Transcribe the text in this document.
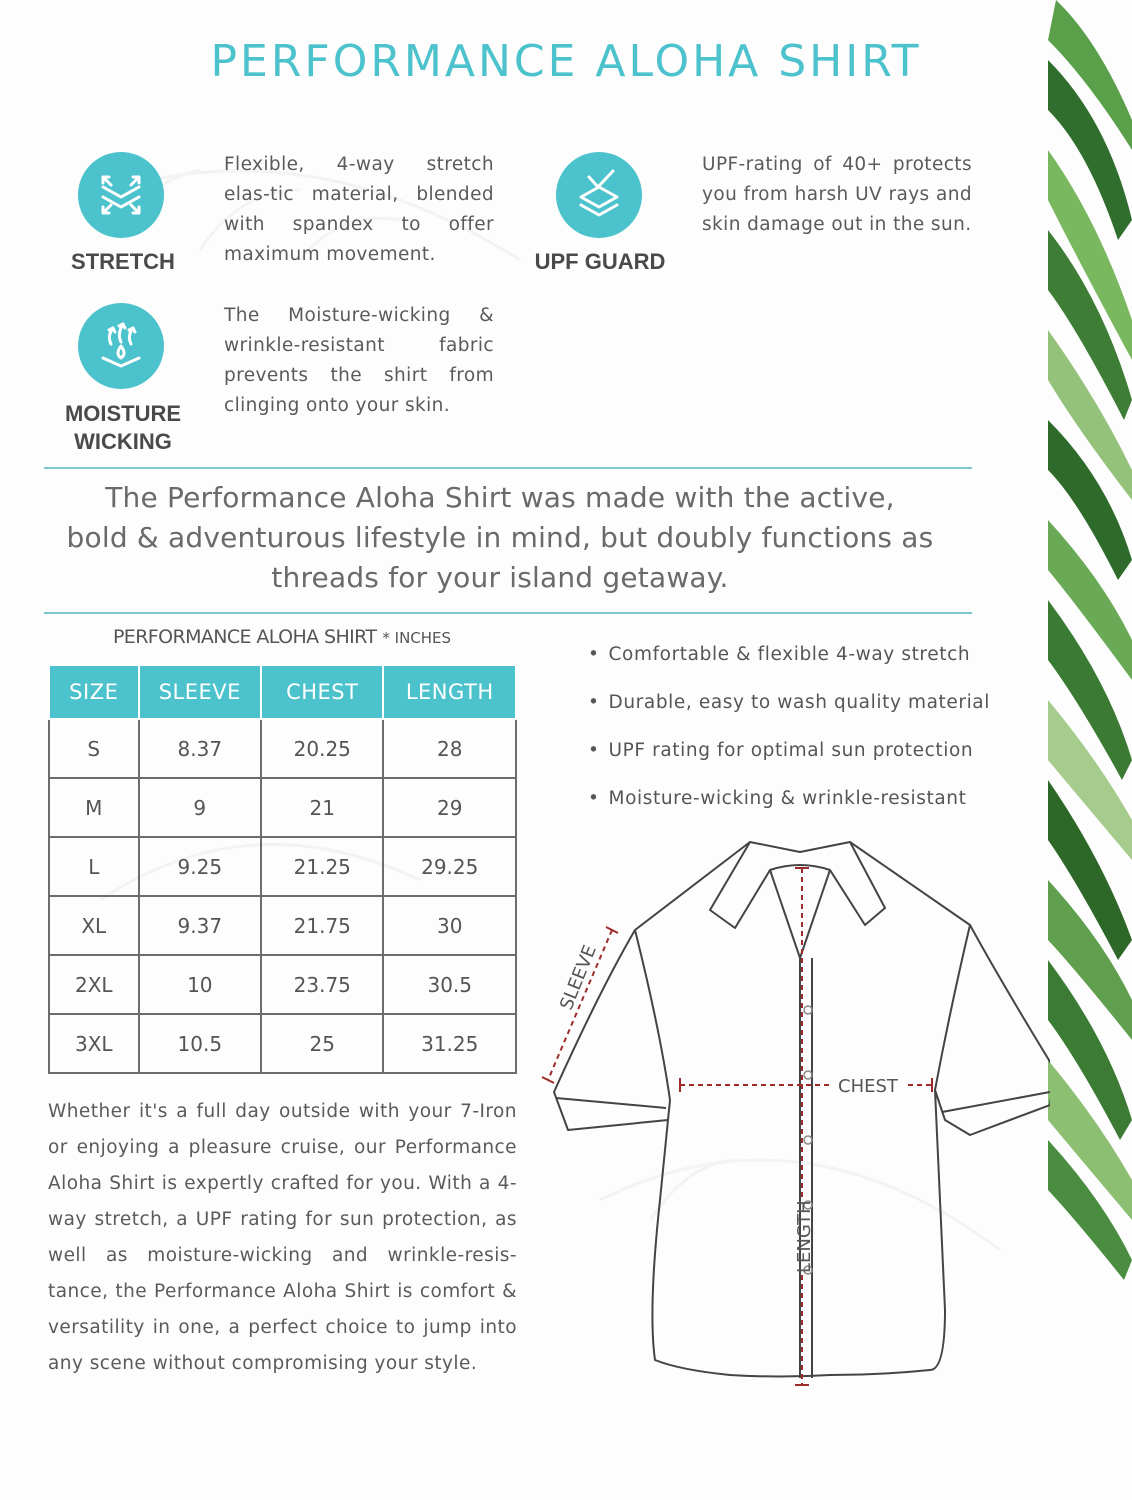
PERFORMANCE ALOHA SHIRT
STRETCH

Flexible, 4-way stretch elas-tic material, blended with spandex to offer maximum movement.	UPF GUARD

UPF-rating of 40+ protects you from harsh UV rays and skin damage out in the sun.

MOISTURE
WICKING

The Moisture-wicking & wrinkle-resistant fabric prevents the shirt from clinging onto your skin.

The Performance Aloha Shirt was made with the active,
bold & adventurous lifestyle in mind, but doubly functions as
threads for your island getaway.
PERFORMANCE ALOHA SHIRT * INCHES
SIZE	SLEEVE	CHEST	LENGTH
S	8.37	20.25	28
M	9	21	29
L	9.25	21.25	29.25
XL	9.37	21.75	30
2XL	10	23.75	30.5
3XL	10.5	25	31.25
• Comfortable & flexible 4-way stretch
• Durable, easy to wash quality material
• UPF rating for optimal sun protection
• Moisture-wicking & wrinkle-resistant

Whether it's a full day outside with your 7-Iron or enjoying a pleasure cruise, our Performance Aloha Shirt is expertly crafted for you. With a 4-way stretch, a UPF rating for sun protection, as well as moisture-wicking and wrinkle-resis-tance, the Performance Aloha Shirt is comfort & versatility in one, a perfect choice to jump into any scene without compromising your style.

SLEEVE
CHEST
LENGTH
